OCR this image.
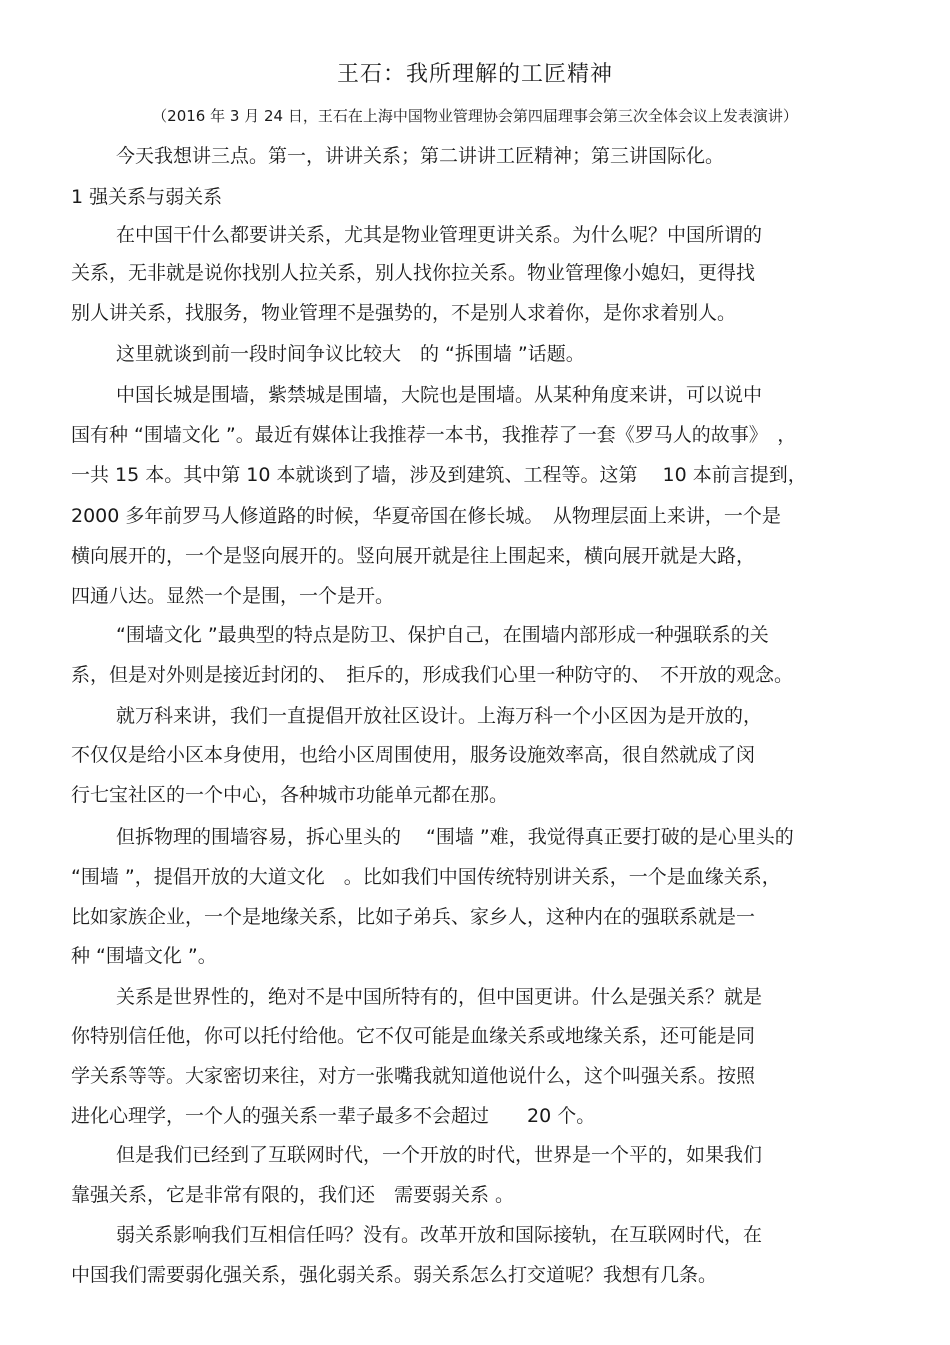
王石：我所理解的工匠精神
（2016 年 3 月 24 日，王石在上海中国物业管理协会第四届理事会第三次全体会议上发表演讲）
今天我想讲三点。第一，讲讲关系；第二讲讲工匠精神；第三讲国际化。
1 强关系与弱关系
在中国干什么都要讲关系，尤其是物业管理更讲关系。为什么呢？中国所谓的
关系，无非就是说你找别人拉关系，别人找你拉关系。物业管理像小媳妇，更得找
别人讲关系，找服务，物业管理不是强势的，不是别人求着你，是你求着别人。
这里就谈到前一段时间争议比较大　的 “拆围墙 ”话题。
中国长城是围墙，紫禁城是围墙，大院也是围墙。从某种角度来讲，可以说中
国有种 “围墙文化 ”。最近有媒体让我推荐一本书，我推荐了一套《罗马人的故事》　，
一共 15 本。其中第 10 本就谈到了墙，涉及到建筑、工程等。这第　 10 本前言提到，
2000 多年前罗马人修道路的时候，华夏帝国在修长城。　从物理层面上来讲，一个是
横向展开的，一个是竖向展开的。竖向展开就是往上围起来，横向展开就是大路，
四通八达。显然一个是围，一个是开。
“围墙文化 ”最典型的特点是防卫、保护自己，在围墙内部形成一种强联系的关
系，但是对外则是接近封闭的、　拒斥的，形成我们心里一种防守的、　不开放的观念。
就万科来讲，我们一直提倡开放社区设计。上海万科一个小区因为是开放的，
不仅仅是给小区本身使用，也给小区周围使用，服务设施效率高，很自然就成了闵
行七宝社区的一个中心，各种城市功能单元都在那。
但拆物理的围墙容易，拆心里头的　 “围墙 ”难，我觉得真正要打破的是心里头的
“围墙 ”，提倡开放的大道文化　。比如我们中国传统特别讲关系，一个是血缘关系，
比如家族企业，一个是地缘关系，比如子弟兵、家乡人，这种内在的强联系就是一
种 “围墙文化 ”。
关系是世界性的，绝对不是中国所特有的，但中国更讲。什么是强关系？就是
你特别信任他，你可以托付给他。它不仅可能是血缘关系或地缘关系，还可能是同
学关系等等。大家密切来往，对方一张嘴我就知道他说什么，这个叫强关系。按照
进化心理学，一个人的强关系一辈子最多不会超过　　20 个。
但是我们已经到了互联网时代，一个开放的时代，世界是一个平的，如果我们
靠强关系，它是非常有限的，我们还　需要弱关系 。
弱关系影响我们互相信任吗？没有。改革开放和国际接轨，在互联网时代，在
中国我们需要弱化强关系，强化弱关系。弱关系怎么打交道呢？我想有几条。
